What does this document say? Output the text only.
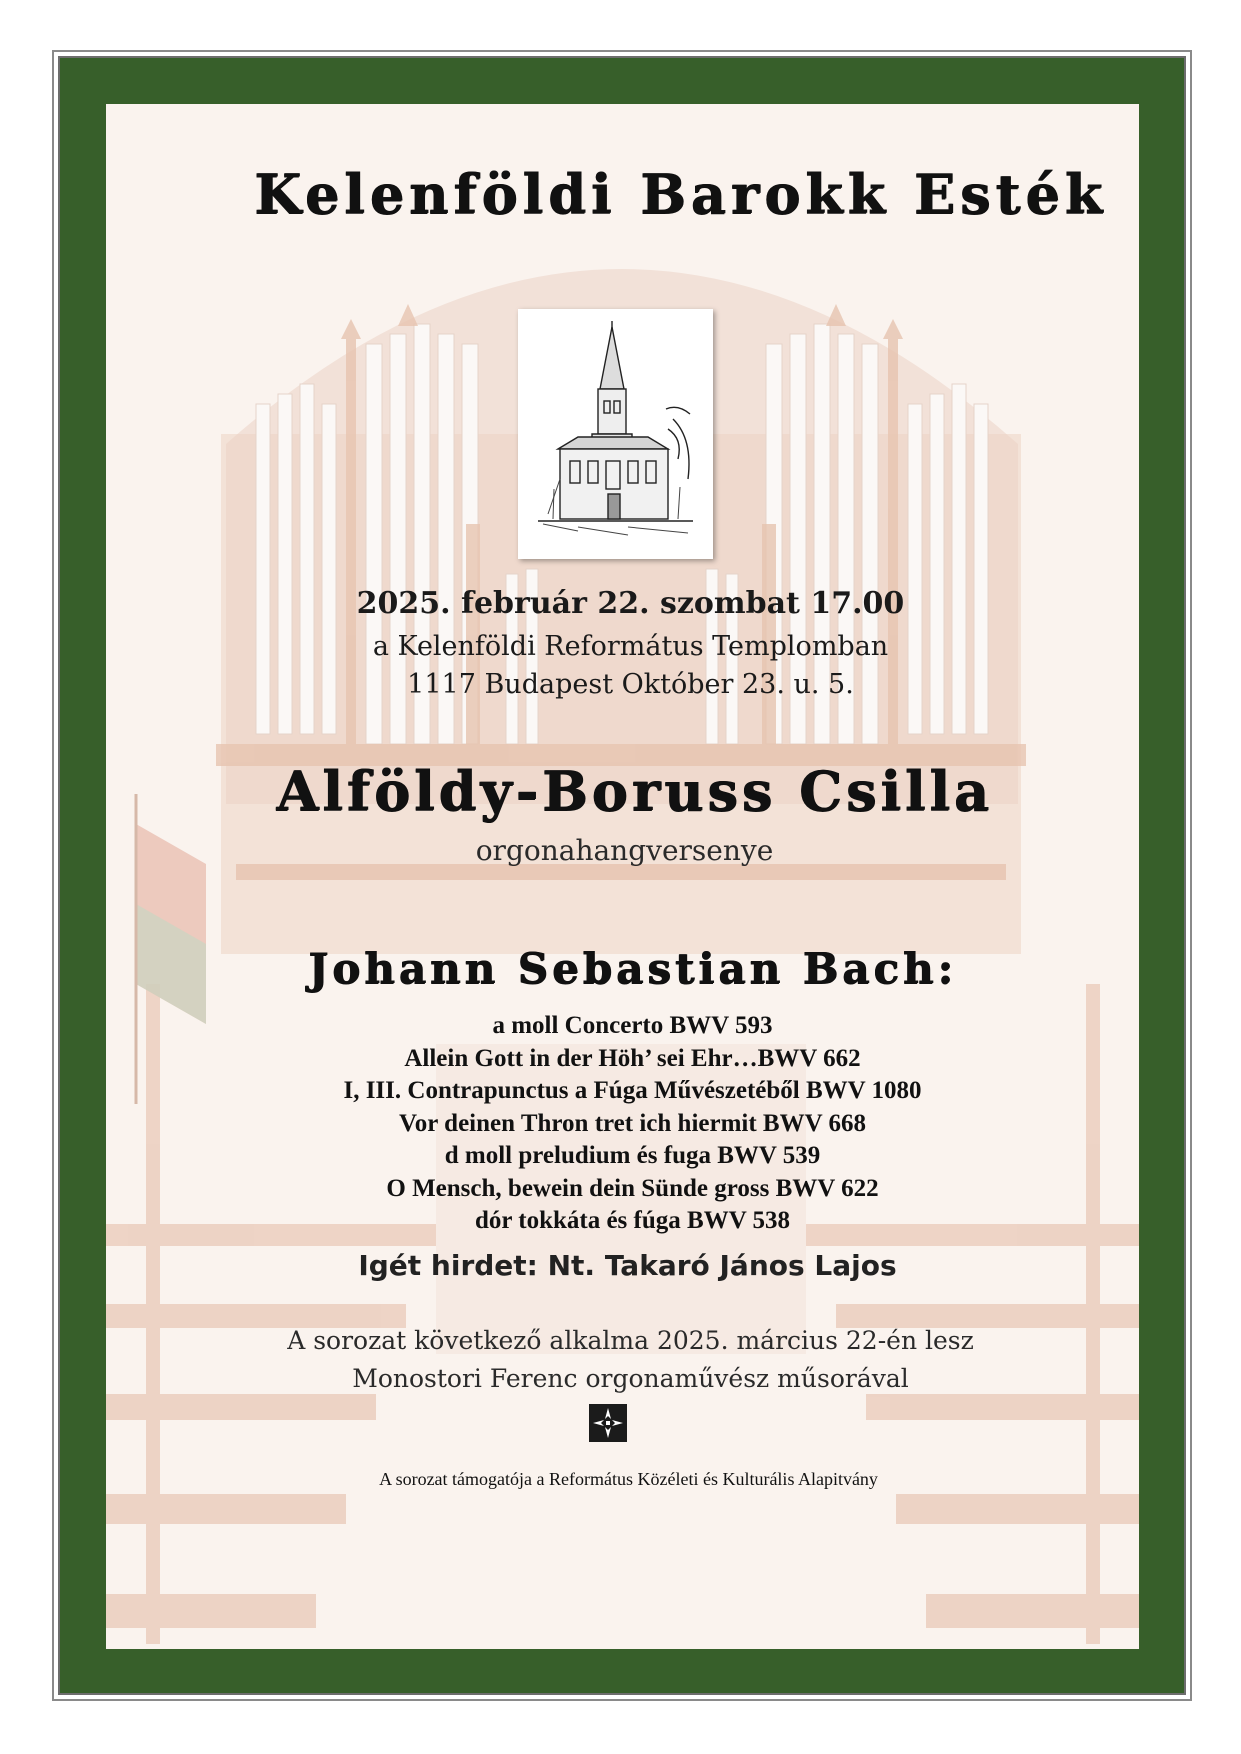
Kelenföldi Barokk Esték
2025. február 22. szombat 17.00
a Kelenföldi Református Templomban
1117 Budapest Október 23. u. 5.
Alföldy-Boruss Csilla
orgonahangversenye
Johann Sebastian Bach:
a moll Concerto BWV 593
Allein Gott in der Höh’ sei Ehr…BWV 662
I, III. Contrapunctus a Fúga Művészetéből BWV 1080
Vor deinen Thron tret ich hiermit BWV 668
d moll preludium és fuga BWV 539
O Mensch, bewein dein Sünde gross BWV 622
dór tokkáta és fúga BWV 538
Igét hirdet: Nt. Takaró János Lajos
A sorozat következő alkalma 2025. március 22-én lesz
Monostori Ferenc orgonaművész műsorával
A sorozat támogatója a Református Közéleti és Kulturális Alapitvány
